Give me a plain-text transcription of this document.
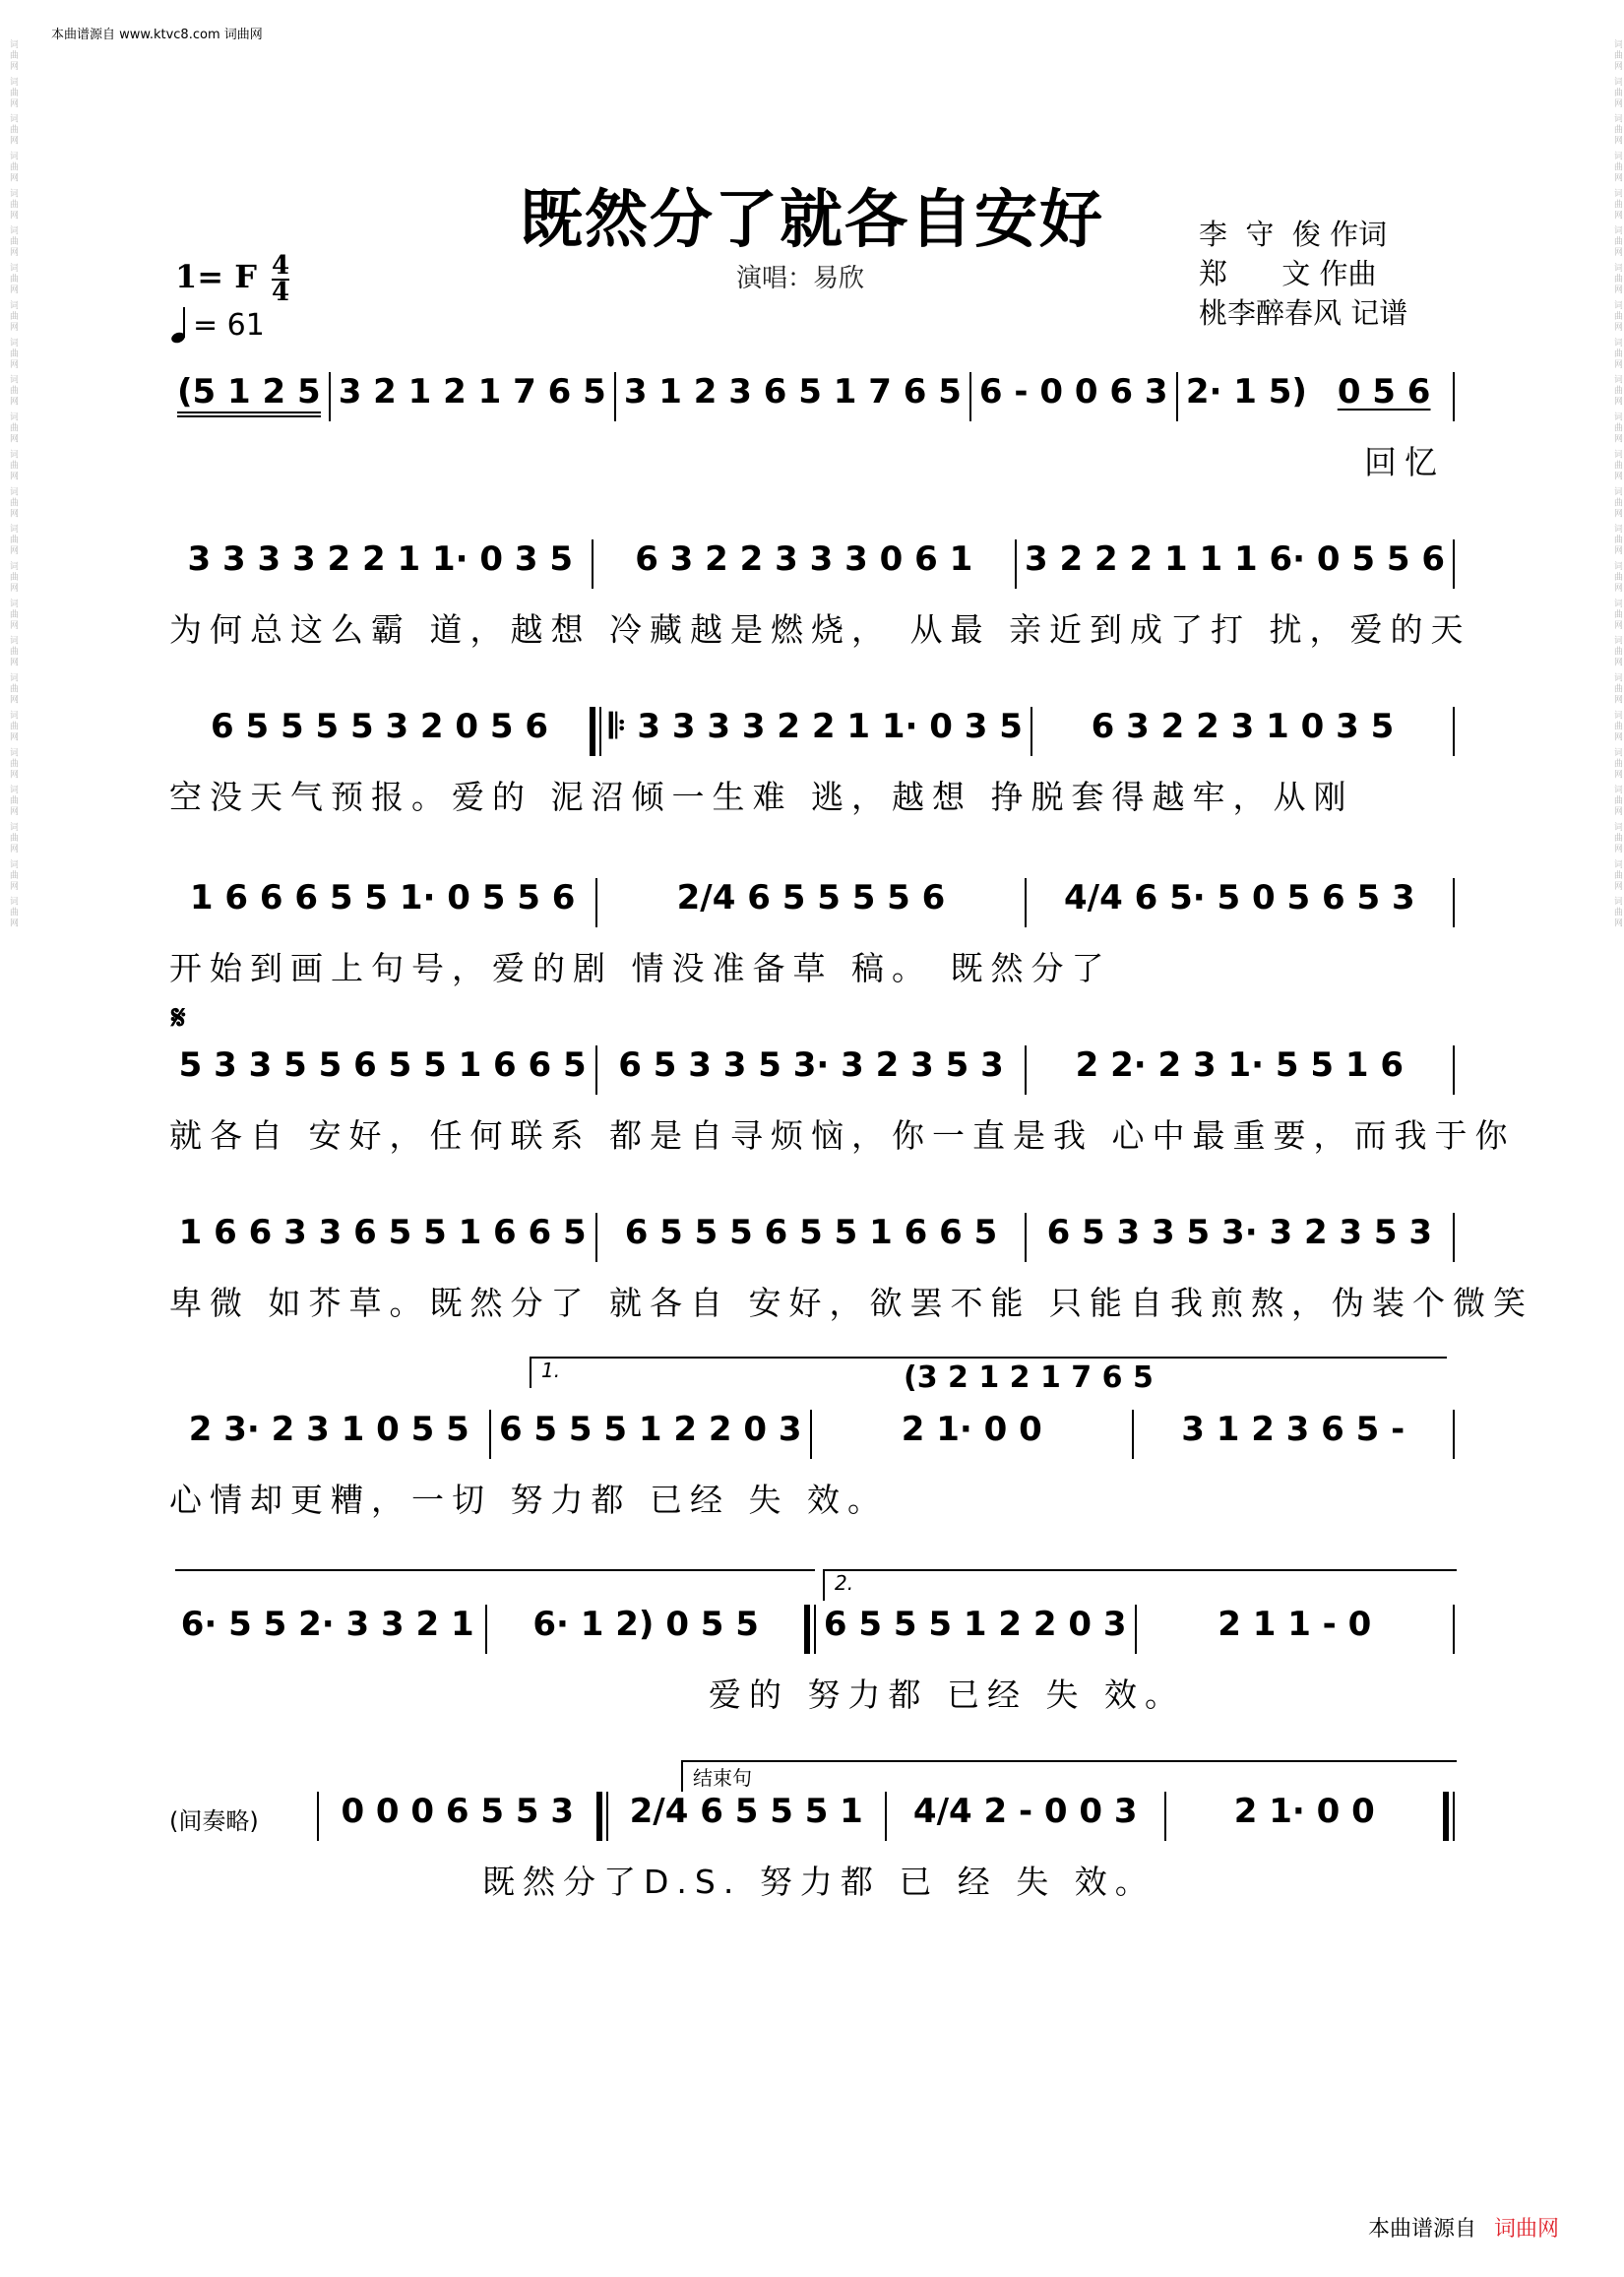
本曲谱源自 www.ktvc8.com 词曲网
词曲网 词曲网 词曲网 词曲网 词曲网 词曲网 词曲网 词曲网 词曲网 词曲网 词曲网 词曲网 词曲网 词曲网 词曲网 词曲网 词曲网 词曲网 词曲网 词曲网 词曲网 词曲网 词曲网 词曲网	词曲网 词曲网 词曲网 词曲网 词曲网 词曲网 词曲网 词曲网 词曲网 词曲网 词曲网 词曲网 词曲网 词曲网 词曲网 词曲网 词曲网 词曲网 词曲网 词曲网 词曲网 词曲网 词曲网 词曲网
既然分了就各自安好
演唱：易欣
李  守  俊 作词
郑      文 作曲
桃李醉春风 记谱
1= F 4
4
= 61
(5 1 2 5 3 2 1 2 1 7 6 5 3 1 2 3 6 5 1 7 6 5 6 - 0 0 6 3 2· 1 5) 0 5 6
回忆
3 3 3 3 2 2 1 1· 0 3 5 6 3 2 2 3 3 3 0 6 1 3 2 2 2 1 1 1 6· 0 5 5 6
为何总这么霸 道，越想 冷藏越是燃烧， 从最 亲近到成了打 扰，爱的天
6 5 5 5 5 3 2 0 5 6 𝄆 3 3 3 3 2 2 1 1· 0 3 5 6 3 2 2 3 1 0 3 5
空没天气预报。爱的 泥沼倾一生难 逃，越想 挣脱套得越牢，从刚
1 6 6 6 5 5 1· 0 5 5 6	2/4 6 5 5 5 5 6	4/4 6 5· 5 0 5 6 5 3
开始到画上句号，爱的剧 情没准备草 稿。 既然分了
𝄋
5 3 3 5 5 6 5 5 1 6 6 5 6 5 3 3 5 3· 3 2 3 5 3 2 2· 2 3 1· 5 5 1 6
就各自 安好，任何联系 都是自寻烦恼，你一直是我 心中最重要，而我于你
1 6 6 3 3 6 5 5 1 6 6 5 6 5 5 5 6 5 5 1 6 6 5 6 5 3 3 5 3· 3 2 3 5 3
卑微 如芥草。既然分了 就各自 安好，欲罢不能 只能自我煎熬，伪装个微笑
1.	(3 2 1 2 1 7 6 5
2 3· 2 3 1 0 5 5 6 5 5 5 1 2 2 0 3	2 1· 0 0	3 1 2 3 6 5 -
心情却更糟，一切 努力都 已经 失 效。
2.
6· 5 5 2· 3 3 2 1 6· 1 2) 0 5 5 6 5 5 5 1 2 2 0 3	2 1 1 - 0
爱的 努力都 已经 失 效。
结束句
(间奏略) 0 0 0 6 5 5 3 2/4 6 5 5 5 1 4/4 2 - 0 0 3	2 1· 0 0
既然分了D.S. 努力都 已 经 失 效。
本曲谱源自 词曲网
